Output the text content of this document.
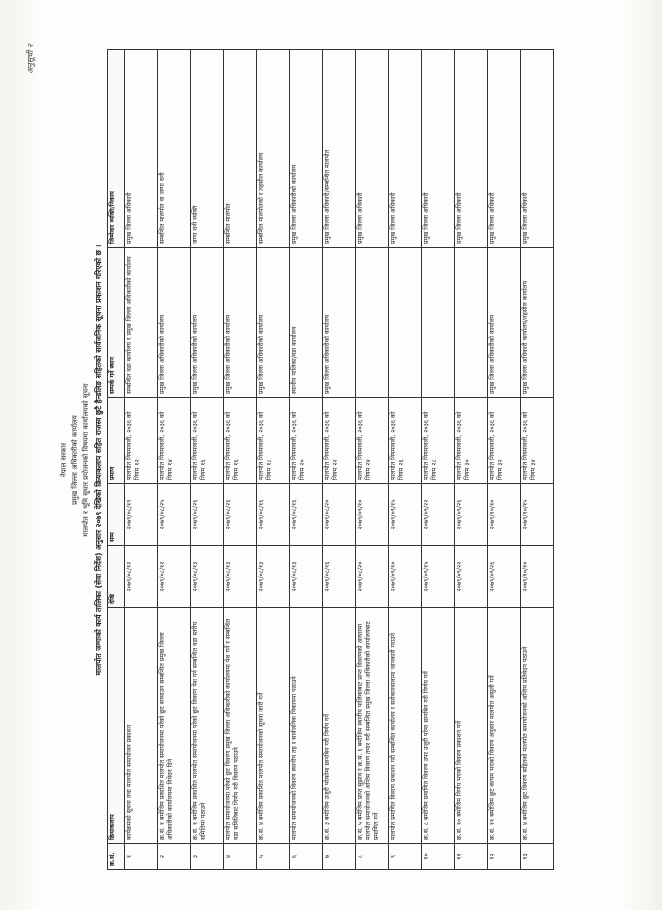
अनुसूची २
नेपाल सरकार प्रमुख जिल्ला अधिकारीको कार्यालय मालपोत र भूमि सुधार प्रयोजनको विषयमा कार्यालयको सूचना मालपोत जग्गाको कार्य तालिका (सेवा निर्देश) अनुसार २०७९ देखिको क्रियाकलाप सहित राजस्व छुटै हैन्डलिङ सहितको सार्वजनिक सूचना प्रकाशन गरिएको छ ।
क्र.सं.	क्रियाकलाप	देखि	सम्म	प्रमाण	सम्पर्क गर्ने स्थान	जिम्मेवार व्यक्ति/निकाय
१	कार्यक्रमको सूचना तथा मालपोत समायोजन प्रकाशन	२०७९/०८/१२	२०७९/०८/१९	मालपोत नियमावली, २०३६ को नियम १२	सम्बन्धित वडा कार्यालय र प्रमुख जिल्ला अधिकारीको कार्यालय	प्रमुख जिल्ला अधिकारी
२	क्र.सं. १ बमोजिम प्रकाशित मालपोत समायोजनमा परेको छुट सच्याउन सम्बन्धित प्रमुख जिल्ला अधिकारीको कार्यालयमा निवेदन दिने	२०७९/०८/१२	२०७९/०८/२५	मालपोत नियमावली, २०३६ को नियम १४	प्रमुख जिल्ला अधिकारीको कार्यालय	सम्बन्धित मालपोत वा जग्गा धनी
३	क्र.सं. १ बमोजिम प्रकाशित मालपोत समायोजनमा परेको छुट विवरण पेश गर्न सम्बन्धित वडा स्तरीय समितिमा पठाउने	२०७९/०८/१३	२०७९/०८/२६	मालपोत नियमावली, २०३६ को नियम १६	प्रमुख जिल्ला अधिकारीको कार्यालय	जग्गा धनी व्यक्ति
४	मालपोत समायोजनमा परेको छुट विवरण प्रमुख जिल्ला अधिकारीको कार्यालयमा पेश गर्ने र सम्बन्धित वडा समितिबाट निर्णय गरी विवरण पठाउने	२०७९/०८/१३	२०७९/०८/२६	मालपोत नियमावली, २०३६ को नियम १६	प्रमुख जिल्ला अधिकारीको कार्यालय	सम्बन्धित मालपोत
५	क्र.सं. ४ बमोजिम प्रकाशित मालपोत समायोजनको सूचना जारी गर्ने	२०७९/०८/१३	२०७९/०८/१६	मालपोत नियमावली, २०३६ को नियम १८	प्रमुख जिल्ला अधिकारीको कार्यालय	सम्बन्धित मालपोतको र तहसील कार्यालय
६	मालपोत समायोजनको विवरण स्थानीय तह र सार्वजनिक निकायमा पठाउने	२०७९/०८/१३	२०७९/०८/१६	मालपोत नियमावली, २०३६ को नियम २०	स्थानीय पालिका/वडा कार्यालय	प्रमुख जिल्ला अधिकारीको कार्यालय
७	क्र.सं. ३ बमोजिम उजुरी परेकोमा छानबिन गरी निर्णय गर्ने	२०७९/०८/१६	२०७९/०८/२०	मालपोत नियमावली, २०३६ को नियम २२	प्रमुख जिल्ला अधिकारीको कार्यालय	प्रमुख जिल्ला अधिकारी/सम्बन्धित मालपोत
८	क्र.सं. ५ बमोजिम प्राप्त सुझाव र क्र.सं. ६ बमोजिम स्थानीय पालिकाबाट प्राप्त विवरणको आधारमा मालपोत समायोजनको अन्तिम विवरण तयार गरी सम्बन्धित प्रमुख जिल्ला अधिकारीको कार्यालयबाट प्रमाणित गर्ने	२०७९/०८/२०	२०७९/०९/१०	मालपोत नियमावली, २०३६ को नियम २४		प्रमुख जिल्ला अधिकारी
९	मालपोत प्रमाणित विवरण प्रकाशन गरी सम्बन्धित कार्यालय र सरोकारवालामा जानकारी गराउने	२०७९/०९/१०	२०७९/०९/१५	मालपोत नियमावली, २०३६ को नियम २६		प्रमुख जिल्ला अधिकारी
१०	क्र.सं. ८ बमोजिम प्रमाणित विवरण उपर उजुरी परेमा छानबिन गरी निर्णय गर्ने	२०७९/०९/१५	२०७९/०९/२२	मालपोत नियमावली, २०३६ को नियम २८		प्रमुख जिल्ला अधिकारी
११	क्र.सं. १० बमोजिम निर्णय भएको विवरण प्रकाशन गर्ने	२०७९/०९/२२	२०७९/०९/२६	मालपोत नियमावली, २०३६ को नियम ३०		प्रमुख जिल्ला अधिकारी
१२	क्र.सं. ११ बमोजिम छुट कायम भएको विवरण अनुसार मालपोत असुली गर्ने	२०७९/०९/२६	२०७९/१०/१०	मालपोत नियमावली, २०३६ को नियम ३२	प्रमुख जिल्ला अधिकारीको कार्यालय	प्रमुख जिल्ला अधिकारी
१३	क्र.सं. ४ बमोजिम छुट विवरण सहितको मालपोत समायोजनको अन्तिम प्रतिवेदन पठाउने	२०७९/१०/१०	२०७९/१०/१५	मालपोत नियमावली, २०३६ को नियम ३४	प्रमुख जिल्ला अधिकारी कार्यालय/तहसील कार्यालय	प्रमुख जिल्ला अधिकारी
